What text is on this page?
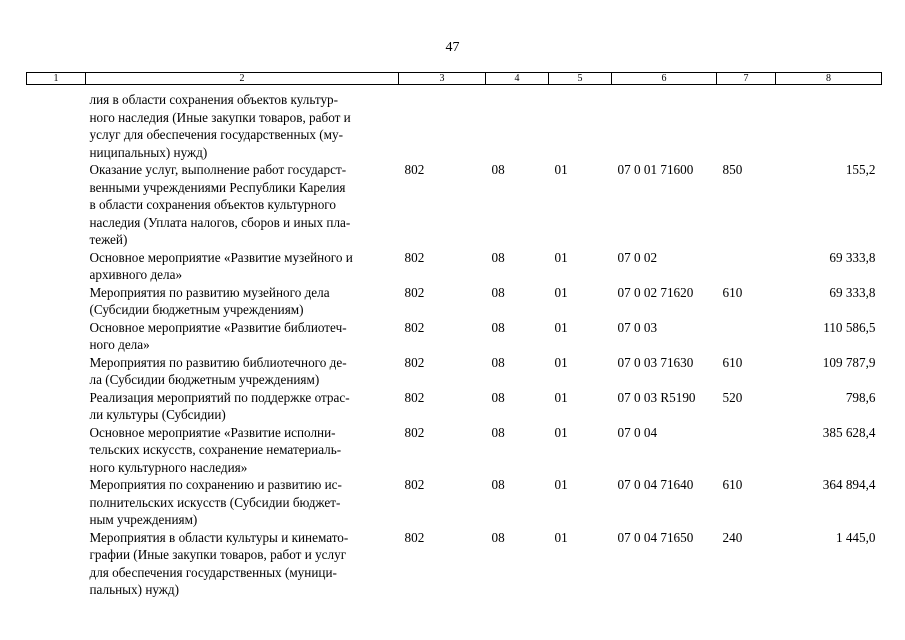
47
1	2	3	4	5	6	7	8
	лия в области сохранения объектов культур-
ного наследия (Иные закупки товаров, работ и
услуг для обеспечения государственных (му-
ниципальных) нужд)						
	Оказание услуг, выполнение работ государст-
венными учреждениями Республики Карелия
в области сохранения объектов культурного
наследия (Уплата налогов, сборов и иных пла-
тежей)	802	08	01	07 0 01 71600	850	155,2
	Основное мероприятие «Развитие музейного и
архивного дела»	802	08	01	07 0 02		69 333,8
	Мероприятия по развитию музейного дела
(Субсидии бюджетным учреждениям)	802	08	01	07 0 02 71620	610	69 333,8
	Основное мероприятие «Развитие библиотеч-
ного дела»	802	08	01	07 0 03		110 586,5
	Мероприятия по развитию библиотечного де-
ла (Субсидии бюджетным учреждениям)	802	08	01	07 0 03 71630	610	109 787,9
	Реализация мероприятий по поддержке отрас-
ли культуры (Субсидии)	802	08	01	07 0 03 R5190	520	798,6
	Основное мероприятие «Развитие исполни-
тельских искусств, сохранение нематериаль-
ного культурного наследия»	802	08	01	07 0 04		385 628,4
	Мероприятия по сохранению и развитию ис-
полнительских искусств (Субсидии бюджет-
ным учреждениям)	802	08	01	07 0 04 71640	610	364 894,4
	Мероприятия в области культуры и кинемато-
графии (Иные закупки товаров, работ и услуг
для обеспечения государственных (муници-
пальных) нужд)	802	08	01	07 0 04 71650	240	1 445,0
